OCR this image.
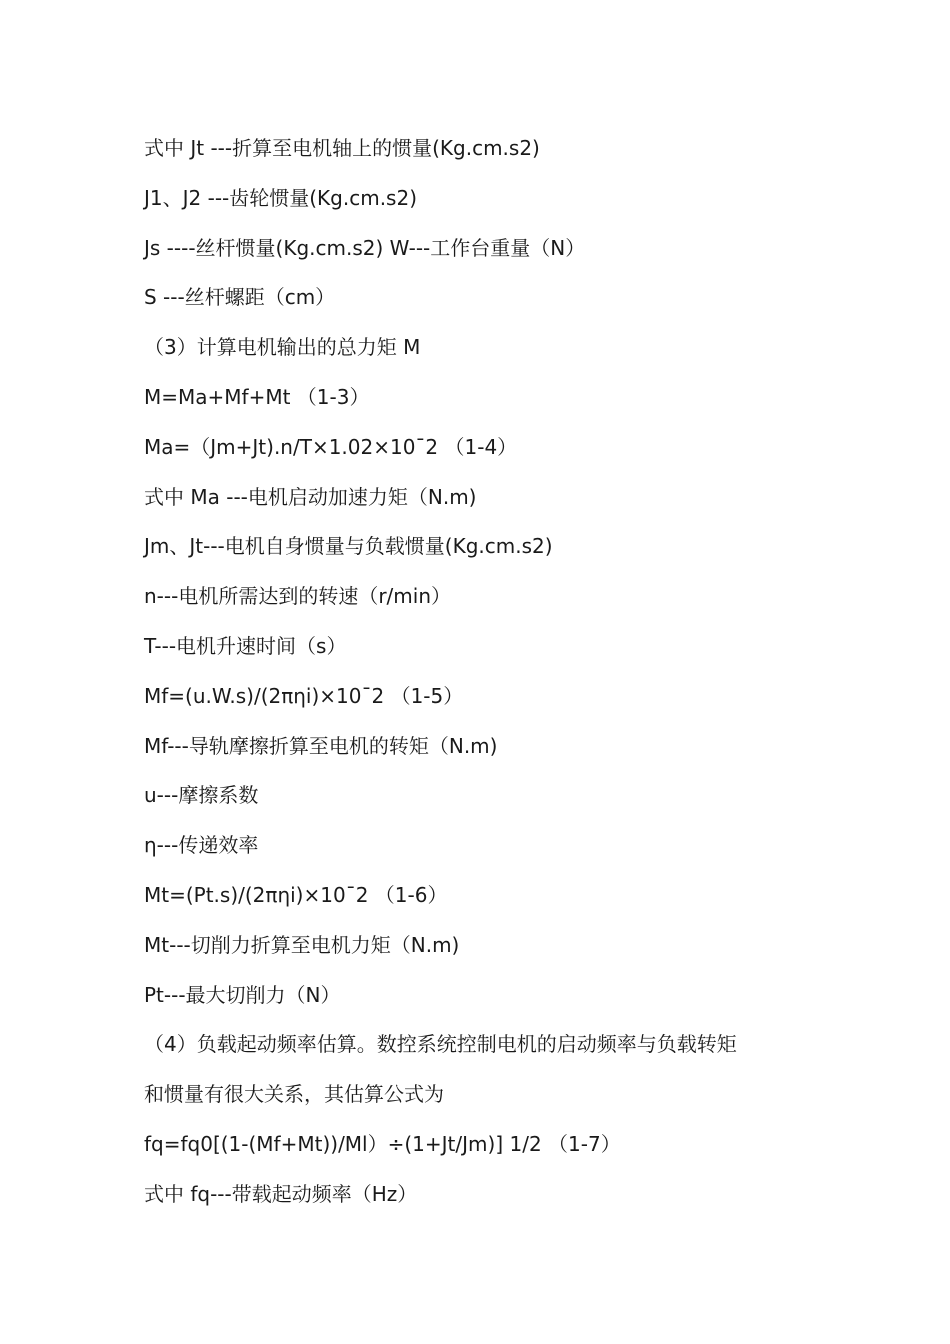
式中 Jt ---折算至电机轴上的惯量(Kg.cm.s2)

J1、J2 ---齿轮惯量(Kg.cm.s2)

Js ----丝杆惯量(Kg.cm.s2) W---工作台重量（N）

S ---丝杆螺距（cm）

（3）计算电机输出的总力矩 M

M=Ma+Mf+Mt （1-3）

Ma=（Jm+Jt).n/T×1.02×10ˉ2 （1-4）

式中 Ma ---电机启动加速力矩（N.m)

Jm、Jt---电机自身惯量与负载惯量(Kg.cm.s2)

n---电机所需达到的转速（r/min）

T---电机升速时间（s）

Mf=(u.W.s)/(2πηi)×10ˉ2 （1-5）

Mf---导轨摩擦折算至电机的转矩（N.m)

u---摩擦系数

η---传递效率

Mt=(Pt.s)/(2πηi)×10ˉ2 （1-6）

Mt---切削力折算至电机力矩（N.m)

Pt---最大切削力（N）

（4）负载起动频率估算。数控系统控制电机的启动频率与负载转矩

和惯量有很大关系，其估算公式为

fq=fq0[(1-(Mf+Mt))/Ml）÷(1+Jt/Jm)] 1/2 （1-7）

式中 fq---带载起动频率（Hz）
